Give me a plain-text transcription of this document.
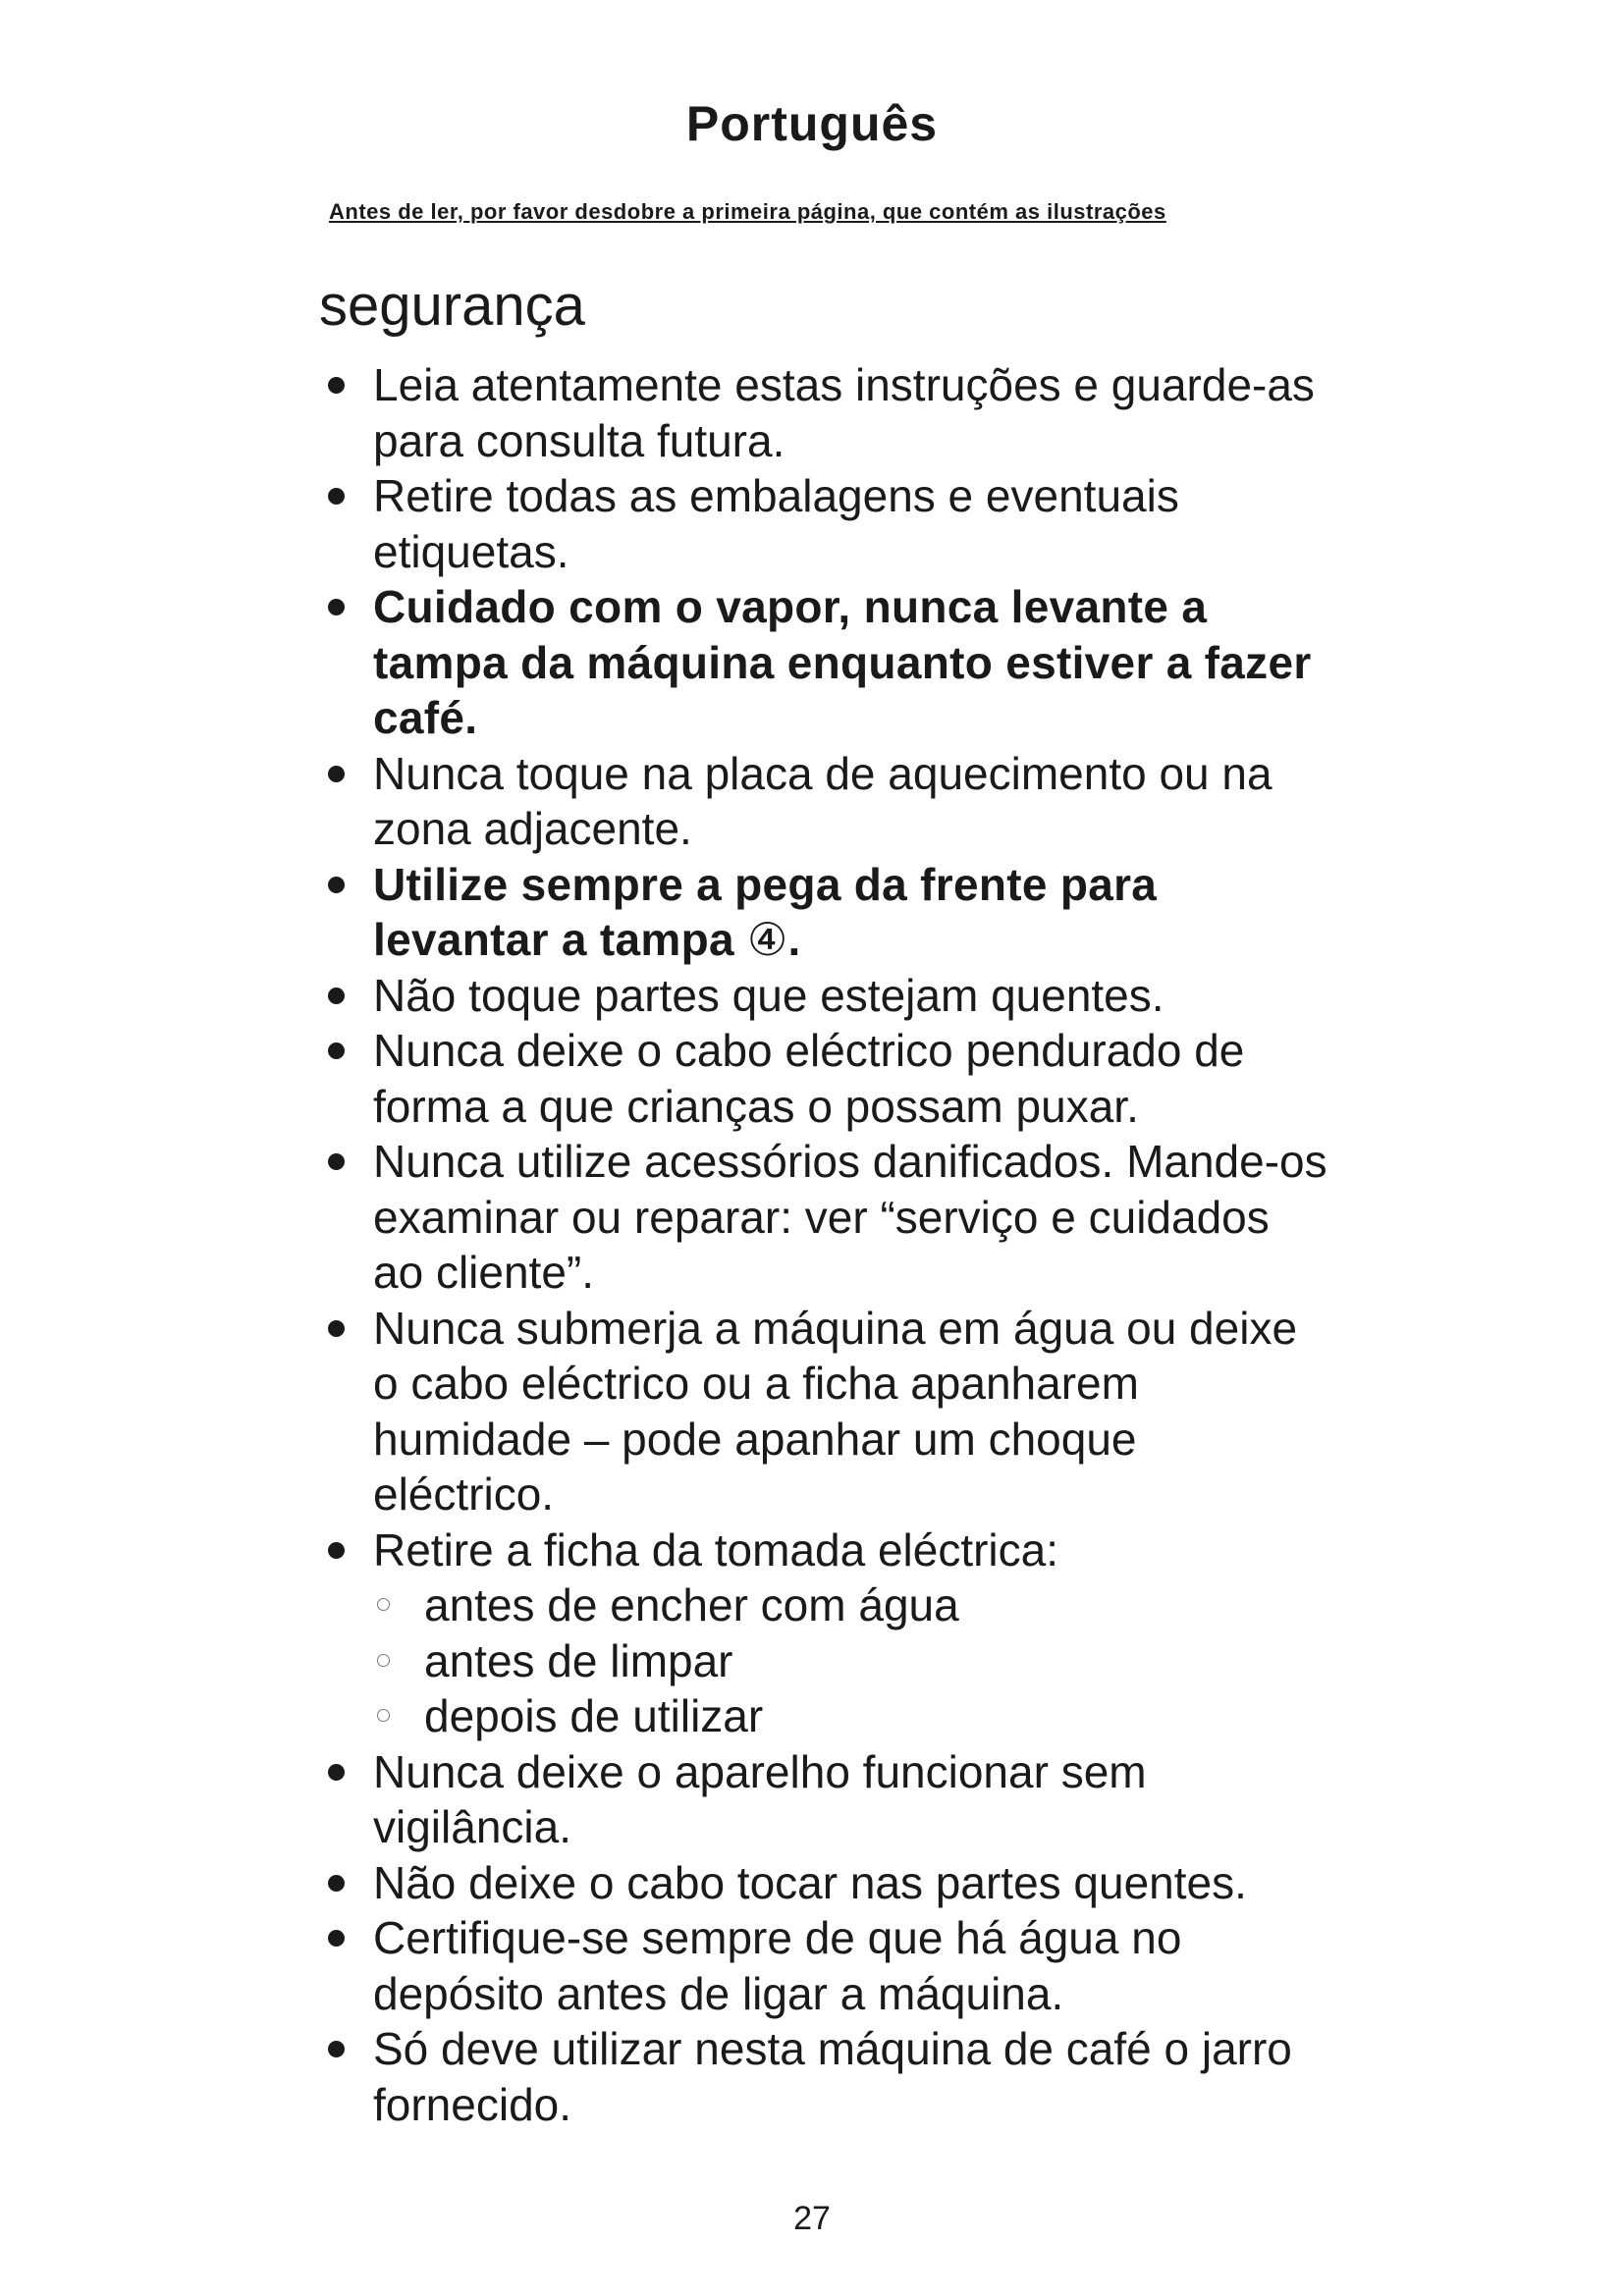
Português
Antes de ler, por favor desdobre a primeira página, que contém as ilustrações
segurança
Leia atentamente estas instruções e guarde-as para consulta futura.
Retire todas as embalagens e eventuais etiquetas.
Cuidado com o vapor, nunca levante a tampa da máquina enquanto estiver a fazer café.
Nunca toque na placa de aquecimento ou na zona adjacente.
Utilize sempre a pega da frente para levantar a tampa ④.
Não toque partes que estejam quentes.
Nunca deixe o cabo eléctrico pendurado de forma a que crianças o possam puxar.
Nunca utilize acessórios danificados. Mande-os examinar ou reparar: ver “serviço e cuidados ao cliente”.
Nunca submerja a máquina em água ou deixe o cabo eléctrico ou a ficha apanharem humidade – pode apanhar um choque eléctrico.
Retire a ficha da tomada eléctrica:
antes de encher com água
antes de limpar
depois de utilizar
Nunca deixe o aparelho funcionar sem vigilância.
Não deixe o cabo tocar nas partes quentes.
Certifique-se sempre de que há água no depósito antes de ligar a máquina.
Só deve utilizar nesta máquina de café o jarro fornecido.
27
